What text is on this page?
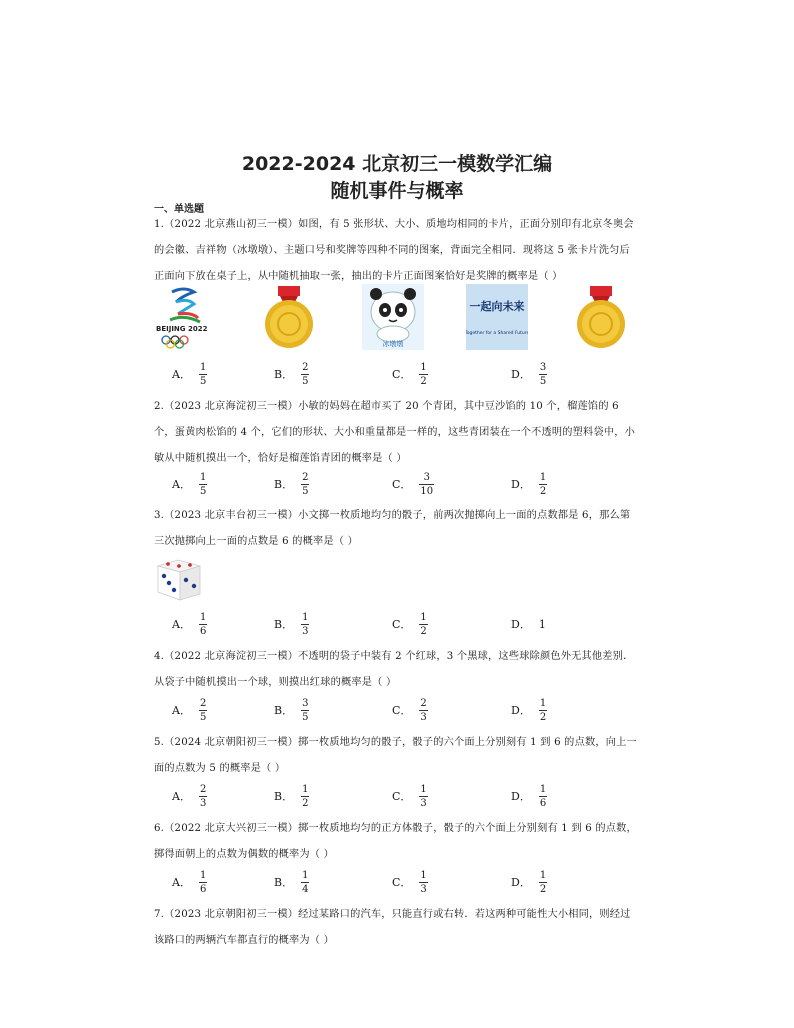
2022-2024 北京初三一模数学汇编
随机事件与概率
一、单选题
1.（2022 北京燕山初三一模）如图，有 5 张形状、大小、质地均相同的卡片，正面分别印有北京冬奥会的会徽、吉祥物（冰墩墩）、主题口号和奖牌等四种不同的图案，背面完全相同．现将这 5 张卡片洗匀后正面向下放在桌子上，从中随机抽取一张，抽出的卡片正面图案恰好是奖牌的概率是（ ）
BEIJING 2022
冰墩墩
一起向未来
Together for a Shared Future
A． $\frac{1}{5}$	B． $\frac{2}{5}$	C． $\frac{1}{2}$	D． $\frac{3}{5}$
2.（2023 北京海淀初三一模）小敏的妈妈在超市买了 20 个青团，其中豆沙馅的 10 个，榴莲馅的 6 个，蛋黄肉松馅的 4 个，它们的形状、大小和重量都是一样的，这些青团装在一个不透明的塑料袋中，小敏从中随机摸出一个，恰好是榴莲馅青团的概率是（ ）
A． $\frac{1}{5}$	B． $\frac{2}{5}$	C． $\frac{3}{10}$	D． $\frac{1}{2}$
3.（2023 北京丰台初三一模）小文掷一枚质地均匀的骰子，前两次抛掷向上一面的点数都是 6，那么第三次抛掷向上一面的点数是 6 的概率是（ ）
A． $\frac{1}{6}$	B． $\frac{1}{3}$	C． $\frac{1}{2}$	D． 1
4.（2022 北京海淀初三一模）不透明的袋子中装有 2 个红球，3 个黑球，这些球除颜色外无其他差别．从袋子中随机摸出一个球，则摸出红球的概率是（ ）
A． $\frac{2}{5}$	B． $\frac{3}{5}$	C． $\frac{2}{3}$	D． $\frac{1}{2}$
5.（2024 北京朝阳初三一模）掷一枚质地均匀的骰子，骰子的六个面上分别刻有 1 到 6 的点数，向上一面的点数为 5 的概率是（ ）
A． $\frac{2}{3}$	B． $\frac{1}{2}$	C． $\frac{1}{3}$	D． $\frac{1}{6}$
6.（2022 北京大兴初三一模）掷一枚质地均匀的正方体骰子，骰子的六个面上分别刻有 1 到 6 的点数，掷得面朝上的点数为偶数的概率为（ ）
A． $\frac{1}{6}$	B． $\frac{1}{4}$	C． $\frac{1}{3}$	D． $\frac{1}{2}$
7.（2023 北京朝阳初三一模）经过某路口的汽车，只能直行或右转．若这两种可能性大小相同，则经过该路口的两辆汽车都直行的概率为（ ）
